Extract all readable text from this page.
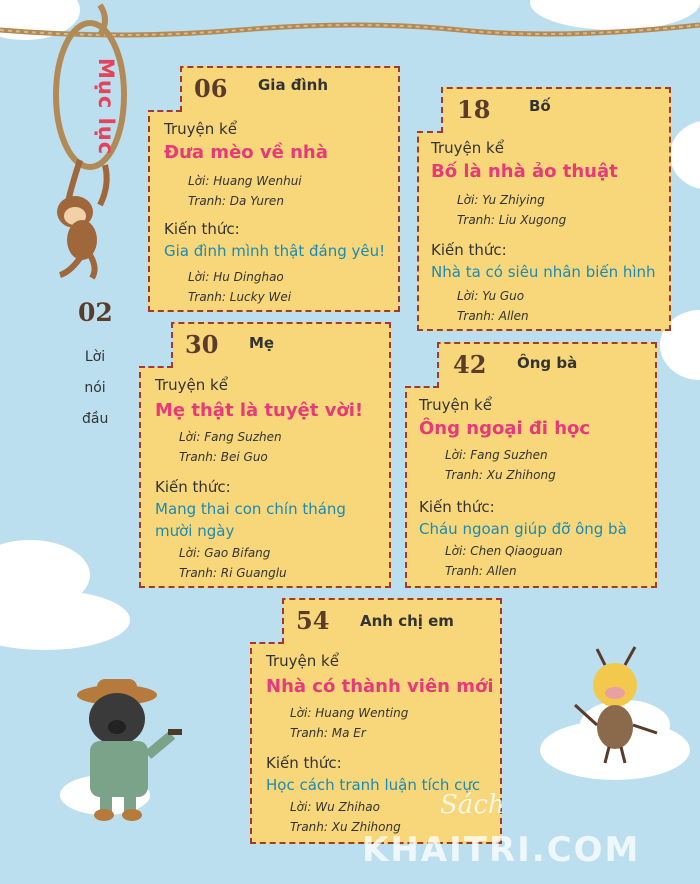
Mục lục
02
Lời
nói
đầu
06 Gia đình
Truyện kể
Đưa mèo về nhà
Lời: Huang Wenhui
Tranh: Da Yuren
Kiến thức:
Gia đình mình thật đáng yêu!
Lời: Hu Dinghao
Tranh: Lucky Wei
18	Bố
Truyện kể
Bố là nhà ảo thuật
Lời: Yu Zhiying
Tranh: Liu Xugong
Kiến thức:
Nhà ta có siêu nhân biến hình
Lời: Yu Guo
Tranh: Allen
30 Mẹ
Truyện kể
Mẹ thật là tuyệt vời!
Lời: Fang Suzhen
Tranh: Bei Guo
Kiến thức:
Mang thai con chín tháng
mười ngày
Lời: Gao Bifang
Tranh: Ri Guanglu
42 Ông bà
Truyện kể
Ông ngoại đi học
Lời: Fang Suzhen
Tranh: Xu Zhihong
Kiến thức:
Cháu ngoan giúp đỡ ông bà
Lời: Chen Qiaoguan
Tranh: Allen
54 Anh chị em
Truyện kể
Nhà có thành viên mới
Lời: Huang Wenting
Tranh: Ma Er
Kiến thức:
Học cách tranh luận tích cực
Lời: Wu Zhihao
Tranh: Xu Zhihong
Sách
KHAITRI.COM
